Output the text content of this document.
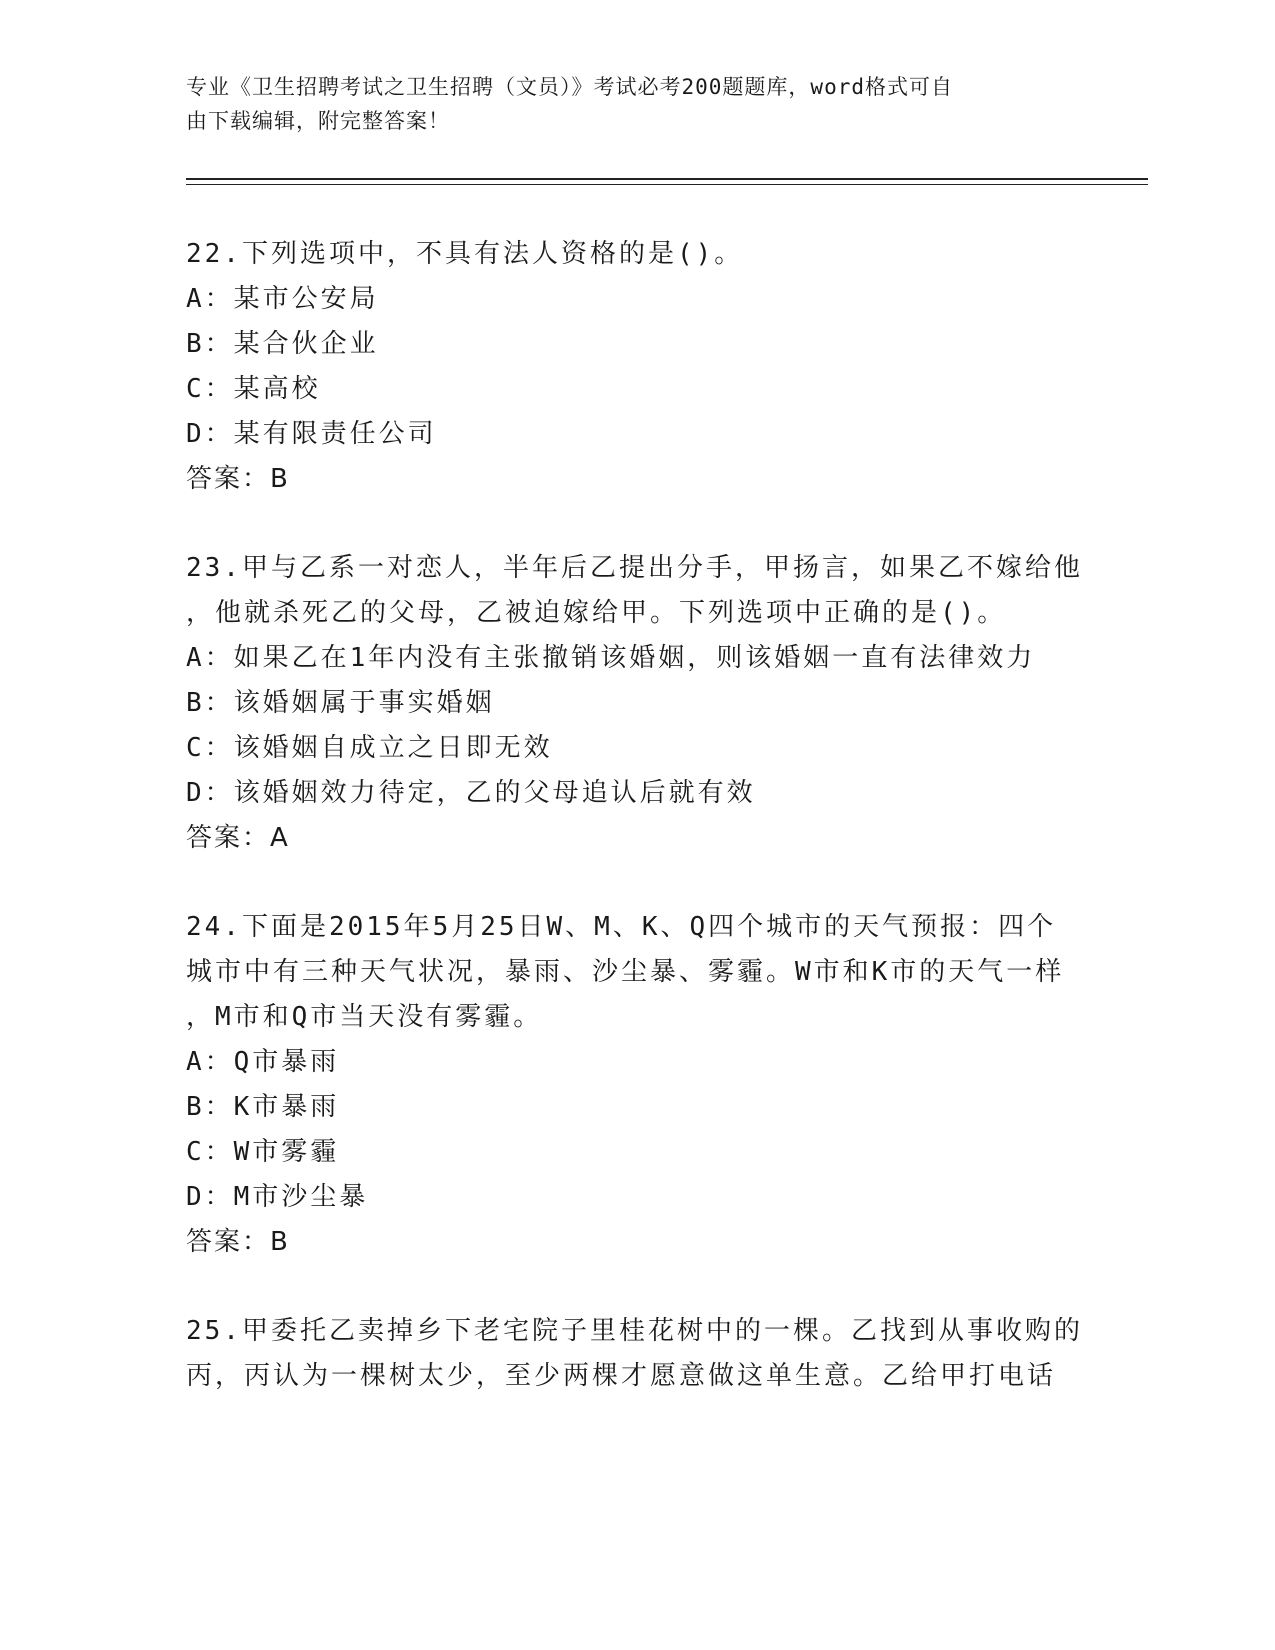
专业《卫生招聘考试之卫生招聘（文员）》考试必考200题题库，word格式可自
由下载编辑，附完整答案！
22.下列选项中，不具有法人资格的是()。
A：某市公安局
B：某合伙企业
C：某高校
D：某有限责任公司
答案：B
23.甲与乙系一对恋人，半年后乙提出分手，甲扬言，如果乙不嫁给他
，他就杀死乙的父母，乙被迫嫁给甲。下列选项中正确的是()。
A：如果乙在1年内没有主张撤销该婚姻，则该婚姻一直有法律效力
B：该婚姻属于事实婚姻
C：该婚姻自成立之日即无效
D：该婚姻效力待定，乙的父母追认后就有效
答案：A
24.下面是2015年5月25日W、M、K、Q四个城市的天气预报：四个
城市中有三种天气状况，暴雨、沙尘暴、雾霾。W市和K市的天气一样
，M市和Q市当天没有雾霾。
A：Q市暴雨
B：K市暴雨
C：W市雾霾
D：M市沙尘暴
答案：B
25.甲委托乙卖掉乡下老宅院子里桂花树中的一棵。乙找到从事收购的
丙，丙认为一棵树太少，至少两棵才愿意做这单生意。乙给甲打电话
